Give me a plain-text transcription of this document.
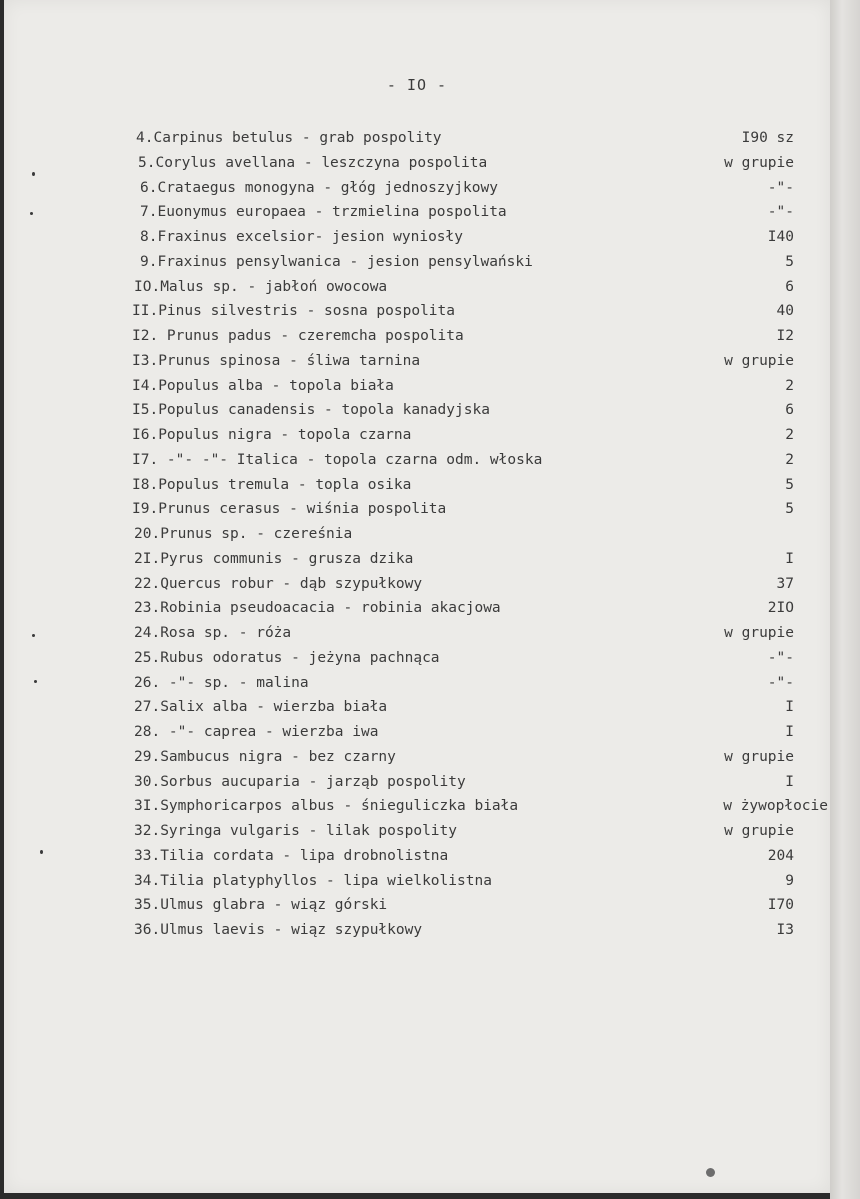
- IO -
4.Carpinus betulus - grab pospolity	I90 sz
5.Corylus avellana - leszczyna pospolita	w grupie
6.Crataegus monogyna - głóg jednoszyjkowy	-"-
7.Euonymus europaea - trzmielina pospolita	-"-
8.Fraxinus excelsior- jesion wyniosły	I40
9.Fraxinus pensylwanica - jesion pensylwański	5
IO.Malus sp. - jabłoń owocowa	6
II.Pinus silvestris - sosna pospolita	40
I2. Prunus padus - czeremcha pospolita	I2
I3.Prunus spinosa - śliwa tarnina	w grupie
I4.Populus alba - topola biała	2
I5.Populus canadensis - topola kanadyjska	6
I6.Populus nigra - topola czarna	2
I7. -"- -"- Italica - topola czarna odm. włoska	2
I8.Populus tremula - topla osika	5
I9.Prunus cerasus - wiśnia pospolita	5
20.Prunus sp. - czereśnia
2I.Pyrus communis - grusza dzika	I
22.Quercus robur - dąb szypułkowy	37
23.Robinia pseudoacacia - robinia akacjowa	2IO
24.Rosa sp. - róża	w grupie
25.Rubus odoratus - jeżyna pachnąca	-"-
26. -"- sp. - malina	-"-
27.Salix alba - wierzba biała	I
28. -"- caprea - wierzba iwa	I
29.Sambucus nigra - bez czarny	w grupie
30.Sorbus aucuparia - jarząb pospolity	I
3I.Symphoricarpos albus - śnieguliczka biała	w żywopłocie
32.Syringa vulgaris - lilak pospolity	w grupie
33.Tilia cordata - lipa drobnolistna	204
34.Tilia platyphyllos - lipa wielkolistna	9
35.Ulmus glabra - wiąz górski	I70
36.Ulmus laevis - wiąz szypułkowy	I3
